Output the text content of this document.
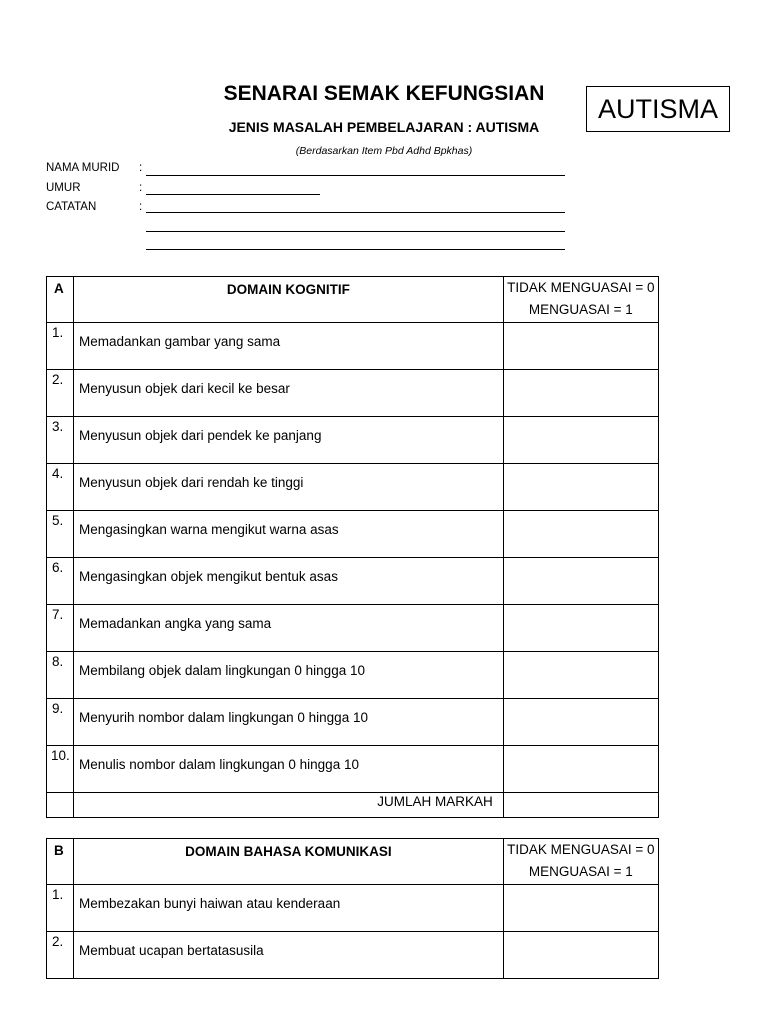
SENARAI SEMAK KEFUNGSIAN	AUTISMA
JENIS MASALAH PEMBELAJARAN : AUTISMA
(Berdasarkan Item Pbd Adhd Bpkhas)
NAMA MURID :
UMUR	:
CATATAN	:
A	DOMAIN KOGNITIF	TIDAK MENGUASAI = 0
MENGUASAI = 1

1.	Memadankan gambar yang sama	
2.	Menyusun objek dari kecil ke besar	
3.	Menyusun objek dari pendek ke panjang	
4.	Menyusun objek dari rendah ke tinggi	
5.	Mengasingkan warna mengikut warna asas	
6.	Mengasingkan objek mengikut bentuk asas	
7.	Memadankan angka yang sama	
8.	Membilang objek dalam lingkungan 0 hingga 10	
9.	Menyurih nombor dalam lingkungan 0 hingga 10	
10.	Menulis nombor dalam lingkungan 0 hingga 10	
	JUMLAH MARKAH	
B	DOMAIN BAHASA KOMUNIKASI	TIDAK MENGUASAI = 0
MENGUASAI = 1

1.	Membezakan bunyi haiwan atau kenderaan	
2.	Membuat ucapan bertatasusila	
